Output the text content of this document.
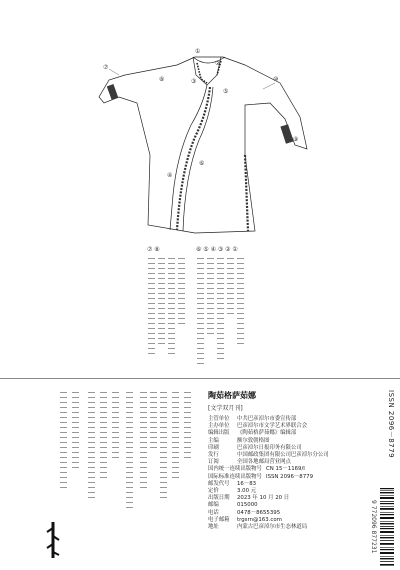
⑦
①
②
③
⑤
⑧	⑩
⑨
⑥
④
⑦ ⑧	⑥ ⑤ ④ ③ ② ①
陶茹格萨茹娜
[文学双月刊]
主管单位	中共巴彦淖尔市委宣传部
主办单位	巴彦淖尔市文学艺术界联合会
编辑出版	《陶茹格萨茹娜》编辑部
主编	额尔敦朝格图
印刷	巴彦淖尔日报印务有限公司
发行	中国邮政集团有限公司巴彦淖尔分公司
订阅	全国各地邮局营业网点
国内统一连续出版物号 CN 15－1169/I
国际标准连续出版物号 ISSN 2096－8779
邮发代号	16－83
定价	3.00 元
出版日期	2023 年 10 月 20 日
邮编	015000
电话	0478－8655395
电子邮箱	trgsrn@163.com
地址	内蒙古巴彦淖尔市生态林道局
ISSN 2096－8779
9 772096 877231
